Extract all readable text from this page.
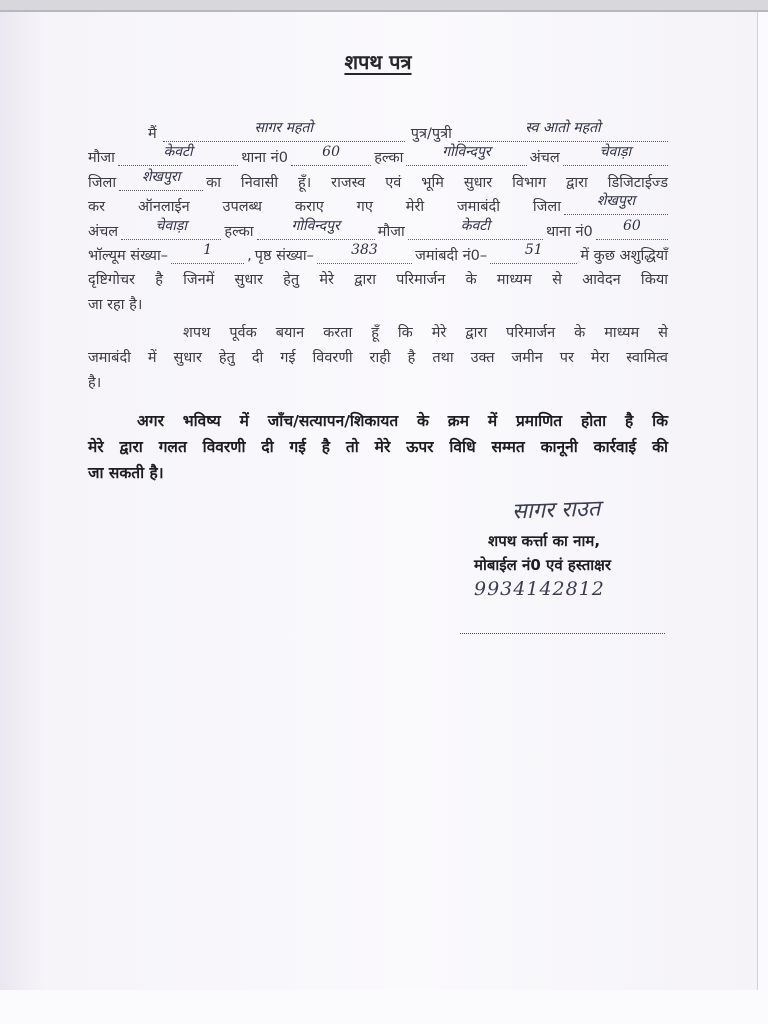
शपथ पत्र
मैं	सागर महतो	पुत्र/पुत्री	स्व आतो महतो
मौजा	केवटी	थाना नं0 60 हल्का	गोविन्दपुर	अंचल	चेवाड़ा
जिला शेखपुरा का निवासी हूँ। राजस्व एवं भूमि सुधार विभाग द्वारा डिजिटाईज्ड
कर ऑनलाईन उपलब्ध कराए गए मेरी जमाबंदी जिला	शेखपुरा
अंचल	चेवाड़ा	हल्का	गोविन्दपुर	मौजा	केवटी	थाना नं0 60
भॉल्यूम संख्या–	1 , पृष्ठ संख्या–	383	जमांबदी नं0–	51	में कुछ अशुद्धियाँ
दृष्टिगोचर है जिनमें सुधार हेतु मेरे द्वारा परिमार्जन के माध्यम से आवेदन किया
जा रहा है।
शपथ पूर्वक बयान करता हूँ कि मेरे द्वारा परिमार्जन के माध्यम से
जमाबंदी में सुधार हेतु दी गई विवरणी राही है तथा उक्त जमीन पर मेरा स्वामित्व
है।
अगर भविष्य में जाँच/सत्यापन/शिकायत के क्रम में प्रमाणित होता है कि
मेरे द्वारा गलत विवरणी दी गई है तो मेरे ऊपर विधि सम्मत कानूनी कार्रवाई की
जा सकती है।
सागर राउत
शपथ कर्त्ता का नाम,
मोबाईल नं0 एवं हस्ताक्षर
9934142812
